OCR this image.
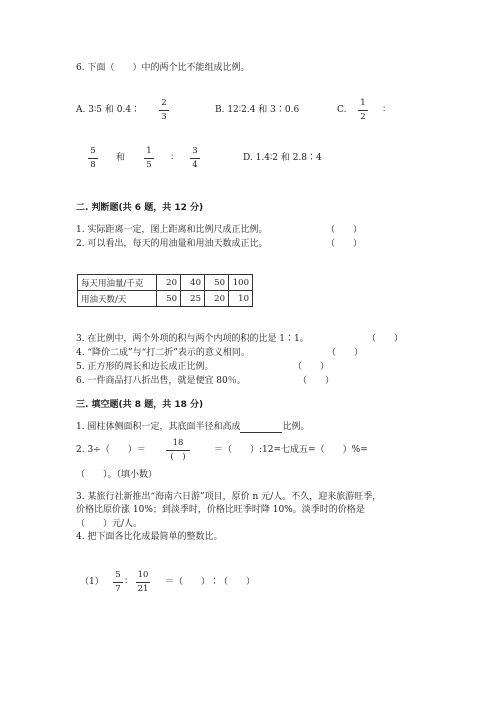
6. 下面（　　）中的两个比不能组成比例。
A. 3∶5 和 0.4∶
2
3
B. 12∶2.4 和 3∶0.6	C.
1
2
∶
5
8
和
1
5
∶
3
4
D. 1.4∶2 和 2.8∶4
二. 判断题(共 6 题，共 12 分)
1. 实际距离一定，图上距离和比例尺成正比例。	（　　）
2. 可以看出，每天的用油量和用油天数成正比。	（　　）
每天用油量/千克	20	40	50	100
用油天数/天	50	25	20	10
3. 在比例中，两个外项的积与两个内项的积的比是 1∶1。	（　　）
4. “降价二成”与“打二折”表示的意义相同。	（　　）
5. 正方形的周长和边长成正比例。	（　　）
6. 一件商品打八折出售，就是便宜 80％。	（　　）
三. 填空题(共 8 题，共 18 分)
1. 圆柱体侧面积一定，其底面半径和高成	比例。
2. 3÷（　　）＝
18
(　)
＝（　　）:12=七成五=（　　）%=
（　　）。（填小数）
3. 某旅行社新推出“海南六日游”项目，原价 n 元/人。不久，迎来旅游旺季，
价格比原价涨 10%；到淡季时，价格比旺季时降 10%。淡季时的价格是
（　　）元/人。
4. 把下面各比化成最简单的整数比。
（1）
5
7
∶
10
21
＝（　　）∶（　　）
